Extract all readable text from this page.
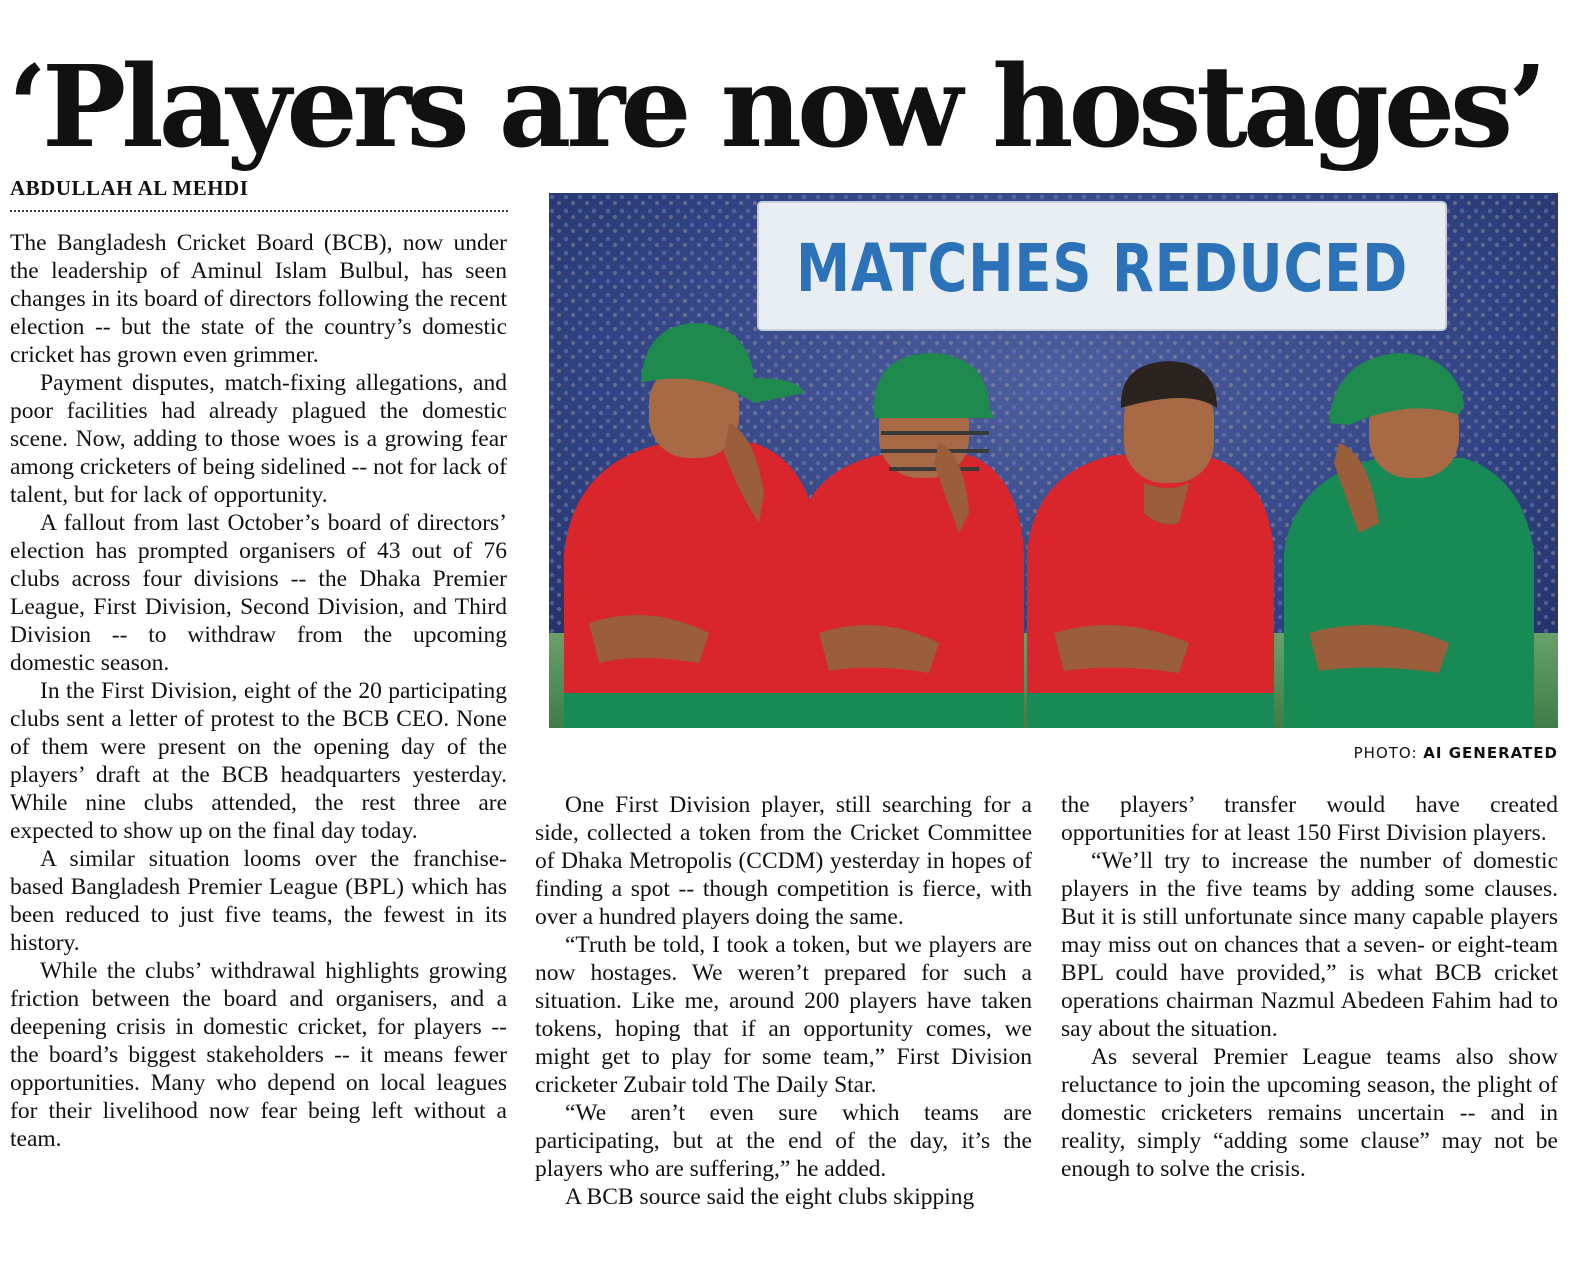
‘Players are now hostages’
ABDULLAH AL MEHDI

The Bangladesh Cricket Board (BCB), now under the leadership of Aminul Islam Bulbul, has seen changes in its board of directors following the recent election -- but the state of the country’s domestic cricket has grown even grimmer.

Payment disputes, match-fixing allegations, and poor facilities had already plagued the domestic scene. Now, adding to those woes is a growing fear among cricketers of being sidelined -- not for lack of talent, but for lack of opportunity.

A fallout from last October’s board of directors’ election has prompted organisers of 43 out of 76 clubs across four divisions -- the Dhaka Premier League, First Division, Second Division, and Third Division -- to withdraw from the upcoming domestic season.

In the First Division, eight of the 20 participating clubs sent a letter of protest to the BCB CEO. None of them were present on the opening day of the players’ draft at the BCB headquarters yesterday. While nine clubs attended, the rest three are expected to show up on the final day today.

A similar situation looms over the franchise-based Bangladesh Premier League (BPL) which has been reduced to just five teams, the fewest in its history.

While the clubs’ withdrawal highlights growing friction between the board and organisers, and a deepening crisis in domestic cricket, for players -- the board’s biggest stakeholders -- it means fewer opportunities. Many who depend on local leagues for their livelihood now fear being left without a team.

MATCHES REDUCED
PHOTO: AI GENERATED

One First Division player, still searching for a side, collected a token from the Cricket Committee of Dhaka Metropolis (CCDM) yesterday in hopes of finding a spot -- though competition is fierce, with over a hundred players doing the same.

“Truth be told, I took a token, but we players are now hostages. We weren’t prepared for such a situation. Like me, around 200 players have taken tokens, hoping that if an opportunity comes, we might get to play for some team,” First Division cricketer Zubair told The Daily Star.

“We aren’t even sure which teams are participating, but at the end of the day, it’s the players who are suffering,” he added.

A BCB source said the eight clubs skipping

the players’ transfer would have created opportunities for at least 150 First Division players.

“We’ll try to increase the number of domestic players in the five teams by adding some clauses. But it is still unfortunate since many capable players may miss out on chances that a seven- or eight-team BPL could have provided,” is what BCB cricket operations chairman Nazmul Abedeen Fahim had to say about the situation.

As several Premier League teams also show reluctance to join the upcoming season, the plight of domestic cricketers remains uncertain -- and in reality, simply “adding some clause” may not be enough to solve the crisis.
